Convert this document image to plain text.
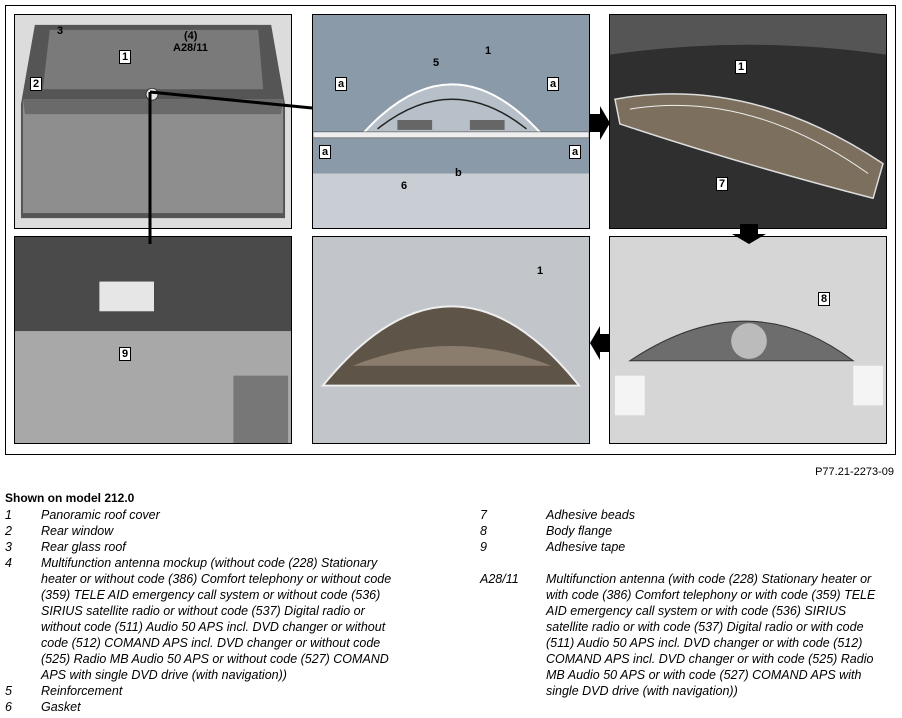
3	(4)
A28/11
1
2	a
5
1
a
a	a
b
6
1
7
9
1
8
P77.21-2273-09
Shown on model 212.0
1	Panoramic roof cover
2	Rear window
3	Rear glass roof
4	Multifunction antenna mockup (without code (228) Stationary heater or without code (386) Comfort telephony or without code (359) TELE AID emergency call system or without code (536) SIRIUS satellite radio or without code (537) Digital radio or without code (511) Audio 50 APS incl. DVD changer or without code (512) COMAND APS incl. DVD changer or without code (525) Radio MB Audio 50 APS or without code (527) COMAND APS with single DVD drive (with navigation))
5	Reinforcement
6	Gasket
7	Adhesive beads
8	Body flange
9	Adhesive tape
A28/11	Multifunction antenna (with code (228) Stationary heater or with code (386) Comfort telephony or with code (359) TELE AID emergency call system or with code (536) SIRIUS satellite radio or with code (537) Digital radio or with code (511) Audio 50 APS incl. DVD changer or with code (512) COMAND APS incl. DVD changer or with code (525) Radio MB Audio 50 APS or with code (527) COMAND APS with single DVD drive (with navigation))
